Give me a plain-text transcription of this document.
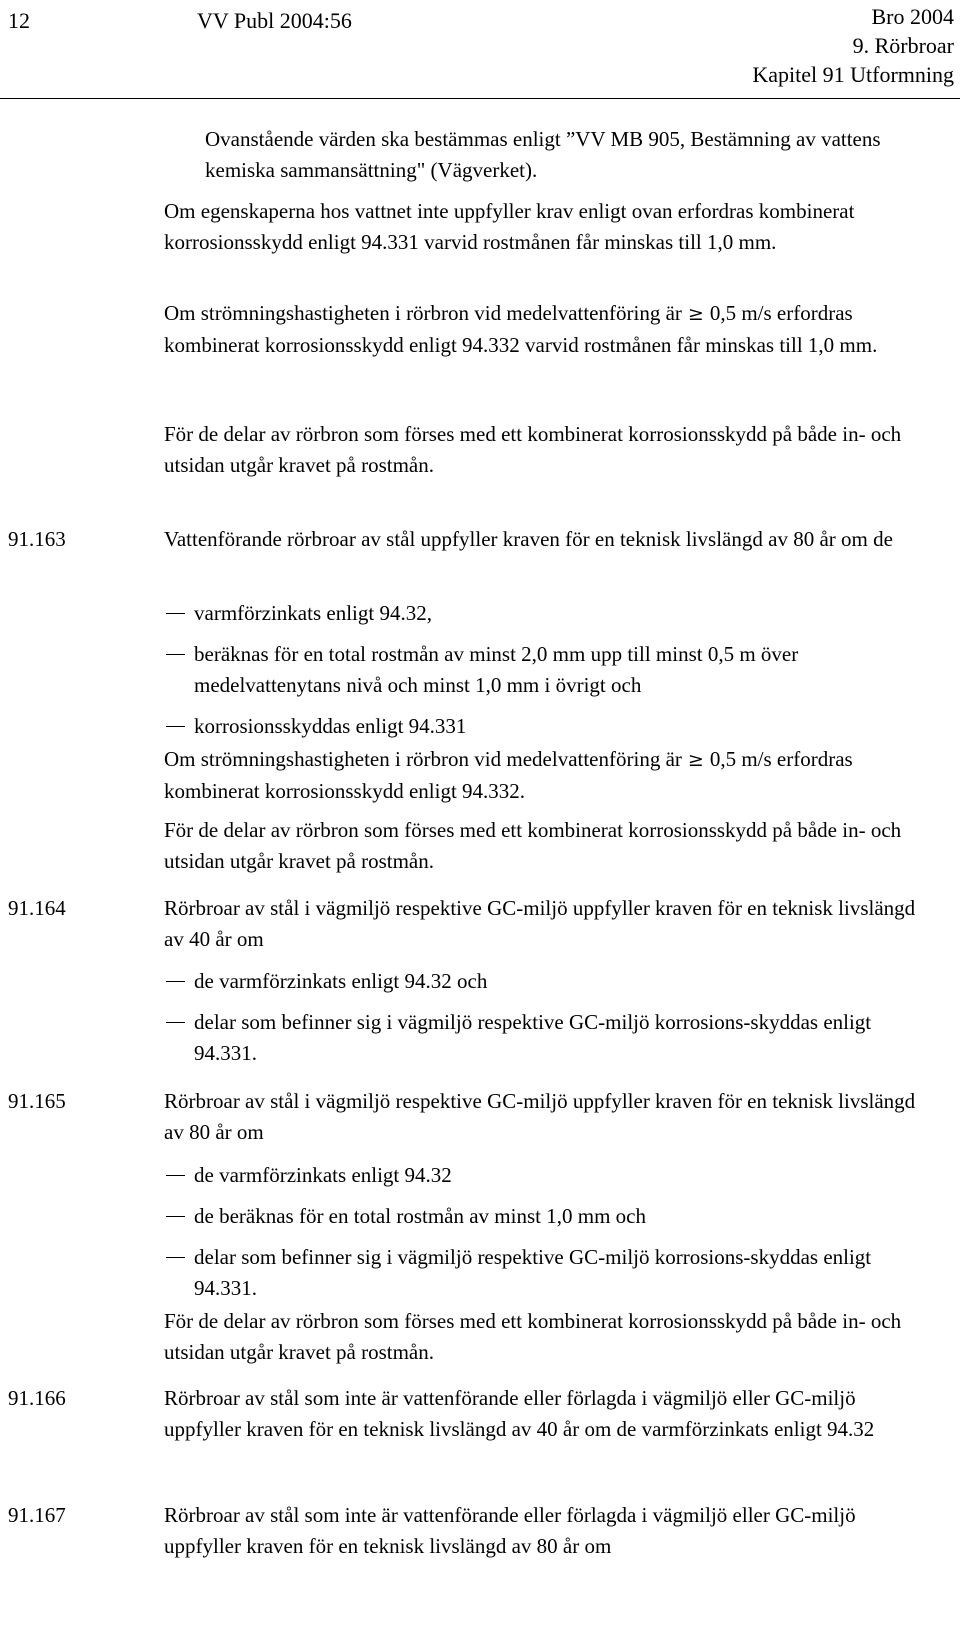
12	VV Publ 2004:56	Bro 2004
9. Rörbroar
Kapitel 91 Utformning
Ovanstående värden ska bestämmas enligt ”VV MB 905, Bestämning av vattens kemiska sammansättning" (Vägverket).
Om egenskaperna hos vattnet inte uppfyller krav enligt ovan erfordras kombinerat korrosionsskydd enligt 94.331 varvid rostmånen får minskas till 1,0 mm.
Om strömningshastigheten i rörbron vid medelvattenföring är ≥ 0,5 m/s erfordras kombinerat korrosionsskydd enligt 94.332 varvid rostmånen får minskas till 1,0 mm.
För de delar av rörbron som förses med ett kombinerat korrosionsskydd på både in- och utsidan utgår kravet på rostmån.
91.163	Vattenförande rörbroar av stål uppfyller kraven för en teknisk livslängd av 80 år om de
varmförzinkats enligt 94.32,
beräknas för en total rostmån av minst 2,0 mm upp till minst 0,5 m över medelvattenytans nivå och minst 1,0 mm i övrigt och
korrosionsskyddas enligt 94.331
Om strömningshastigheten i rörbron vid medelvattenföring är ≥ 0,5 m/s erfordras kombinerat korrosionsskydd enligt 94.332.
För de delar av rörbron som förses med ett kombinerat korrosionsskydd på både in- och utsidan utgår kravet på rostmån.
91.164	Rörbroar av stål i vägmiljö respektive GC-miljö uppfyller kraven för en teknisk livslängd av 40 år om
de varmförzinkats enligt 94.32 och
delar som befinner sig i vägmiljö respektive GC-miljö korrosions-skyddas enligt 94.331.
91.165	Rörbroar av stål i vägmiljö respektive GC-miljö uppfyller kraven för en teknisk livslängd av 80 år om
de varmförzinkats enligt 94.32
de beräknas för en total rostmån av minst 1,0 mm och
delar som befinner sig i vägmiljö respektive GC-miljö korrosions-skyddas enligt 94.331.
För de delar av rörbron som förses med ett kombinerat korrosionsskydd på både in- och utsidan utgår kravet på rostmån.
91.166	Rörbroar av stål som inte är vattenförande eller förlagda i vägmiljö eller GC-miljö uppfyller kraven för en teknisk livslängd av 40 år om de varmförzinkats enligt 94.32
91.167	Rörbroar av stål som inte är vattenförande eller förlagda i vägmiljö eller GC-miljö uppfyller kraven för en teknisk livslängd av 80 år om
